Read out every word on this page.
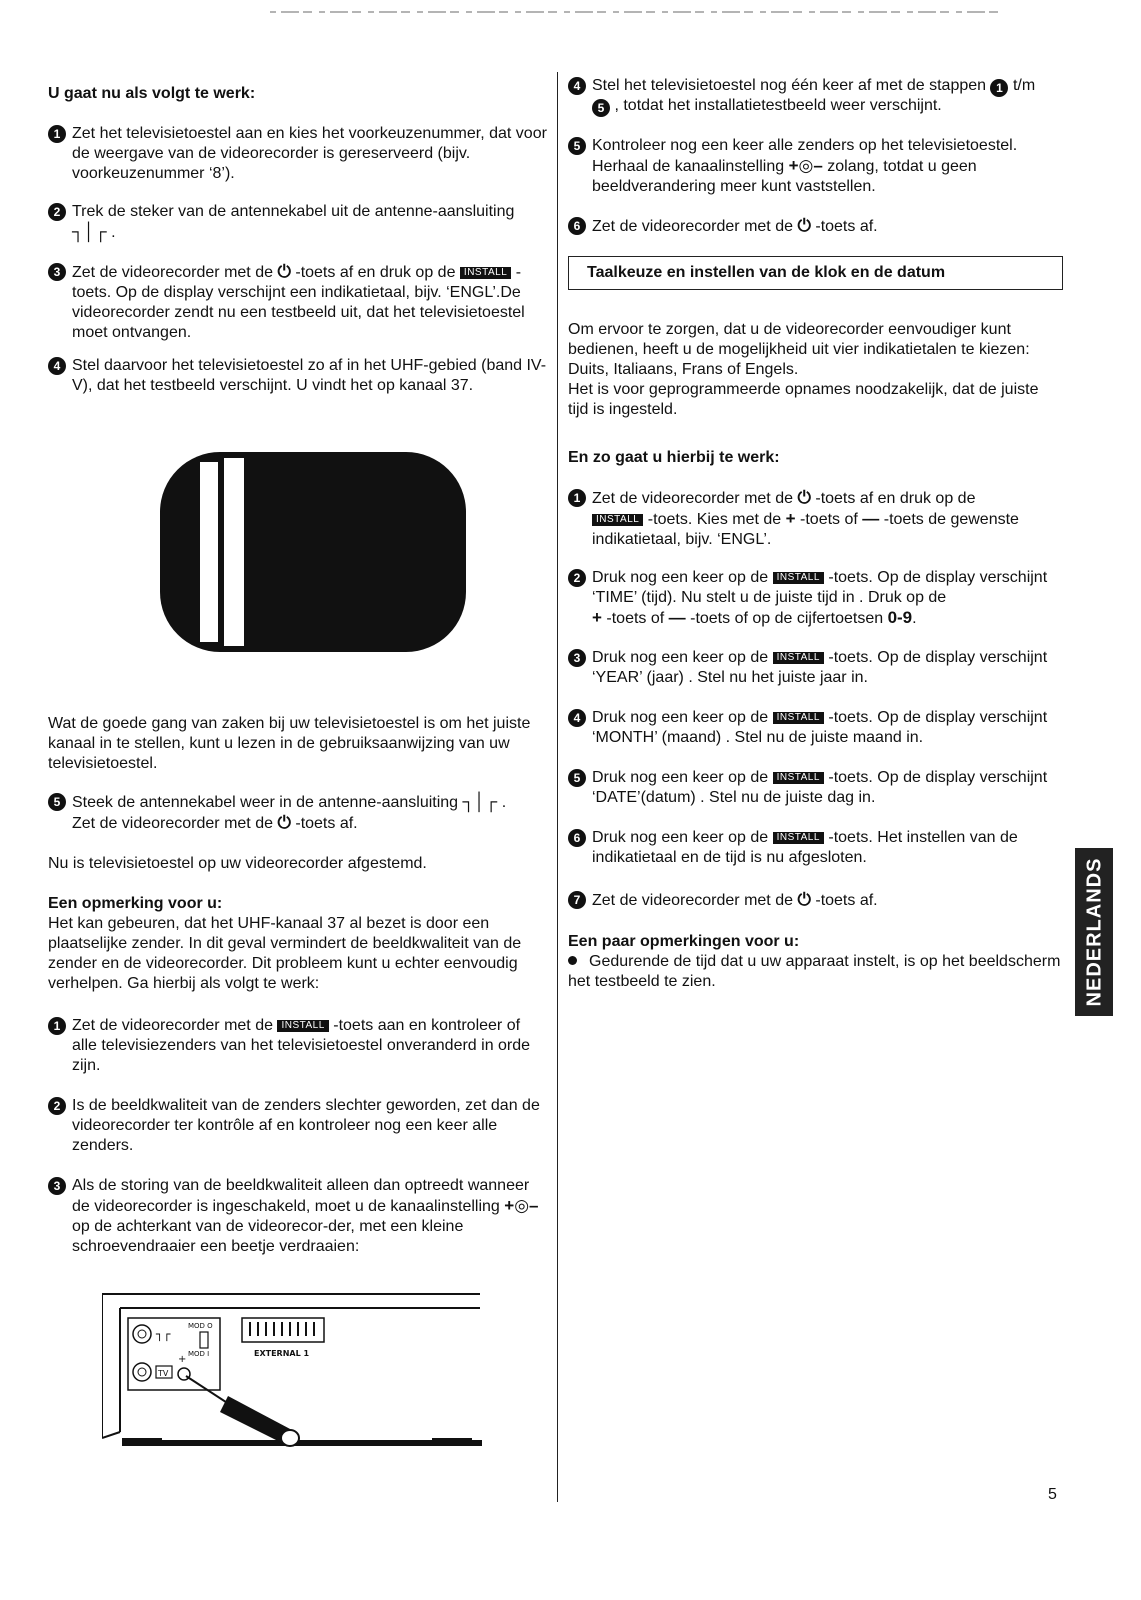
U gaat nu als volgt te werk:
1 Zet het televisietoestel aan en kies het voorkeuzenummer, dat voor de weergave van de videorecorder is gereserveerd (bijv. voorkeuzenummer ‘8’).
2 Trek de steker van de antennekabel uit de antenne-aansluiting ┐│┌ .
3 Zet de videorecorder met de ⏻ -toets af en druk op de INSTALL -toets. Op de display verschijnt een indikatietaal, bijv. ‘ENGL’.De videorecorder zendt nu een testbeeld uit, dat het televisietoestel moet ontvangen.
4 Stel daarvoor het televisietoestel zo af in het UHF-gebied (band IV-V), dat het testbeeld verschijnt. U vindt het op kanaal 37.
Wat de goede gang van zaken bij uw televisietoestel is om het juiste kanaal in te stellen, kunt u lezen in de gebruiksaanwijzing van uw televisietoestel.
5 Steek de antennekabel weer in de antenne-aansluiting ┐│┌ .
Zet de videorecorder met de ⏻ -toets af.
Nu is televisietoestel op uw videorecorder afgestemd.
Een opmerking voor u:
Het kan gebeuren, dat het UHF-kanaal 37 al bezet is door een plaatselijke zender. In dit geval vermindert de beeldkwaliteit van de zender en de videorecorder. Dit probleem kunt u echter eenvoudig verhelpen. Ga hierbij als volgt te werk:
1 Zet de videorecorder met de INSTALL -toets aan en kontroleer of alle televisiezenders van het televisietoestel onveranderd in orde zijn.
2 Is de beeldkwaliteit van de zenders slechter geworden, zet dan de videorecorder ter kontrôle af en kontroleer nog een keer alle zenders.
3 Als de storing van de beeldkwaliteit alleen dan optreedt wanneer de videorecorder is ingeschakeld, moet u de kanaalinstelling +◎– op de achterkant van de videorecor-der, met een kleine schroevendraaier een beetje verdraaien:
┐┌
MOD O
MOD I
TV
+
EXTERNAL 1
4 Stel het televisietoestel nog één keer af met de stappen 1 t/m
5 , totdat het installatietestbeeld weer verschijnt.
5 Kontroleer nog een keer alle zenders op het televisietoestel. Herhaal de kanaalinstelling +◎– zolang, totdat u geen beeldverandering meer kunt vaststellen.
6 Zet de videorecorder met de ⏻ -toets af.
Taalkeuze en instellen van de klok en de datum
Om ervoor te zorgen, dat u de videorecorder eenvoudiger kunt bedienen, heeft u de mogelijkheid uit vier indikatietalen te kiezen: Duits, Italiaans, Frans of Engels.
Het is voor geprogrammeerde opnames noodzakelijk, dat de juiste tijd is ingesteld.
En zo gaat u hierbij te werk:
1 Zet de videorecorder met de ⏻ -toets af en druk op de
INSTALL -toets. Kies met de + -toets of — -toets de gewenste indikatietaal, bijv. ‘ENGL’.
2 Druk nog een keer op de INSTALL -toets. Op de display verschijnt ‘TIME’ (tijd). Nu stelt u de juiste tijd in . Druk op de
+ -toets of — -toets of op de cijfertoetsen 0-9.
3 Druk nog een keer op de INSTALL -toets. Op de display verschijnt ‘YEAR’ (jaar) . Stel nu het juiste jaar in.
4 Druk nog een keer op de INSTALL -toets. Op de display verschijnt ‘MONTH’ (maand) . Stel nu de juiste maand in.
5 Druk nog een keer op de INSTALL -toets. Op de display verschijnt ‘DATE’(datum) . Stel nu de juiste dag in.
6 Druk nog een keer op de INSTALL -toets. Het instellen van de indikatietaal en de tijd is nu afgesloten.
7 Zet de videorecorder met de ⏻ -toets af.
Een paar opmerkingen voor u:
Gedurende de tijd dat u uw apparaat instelt, is op het beeldscherm het testbeeld te zien.	NEDERLANDS
5
